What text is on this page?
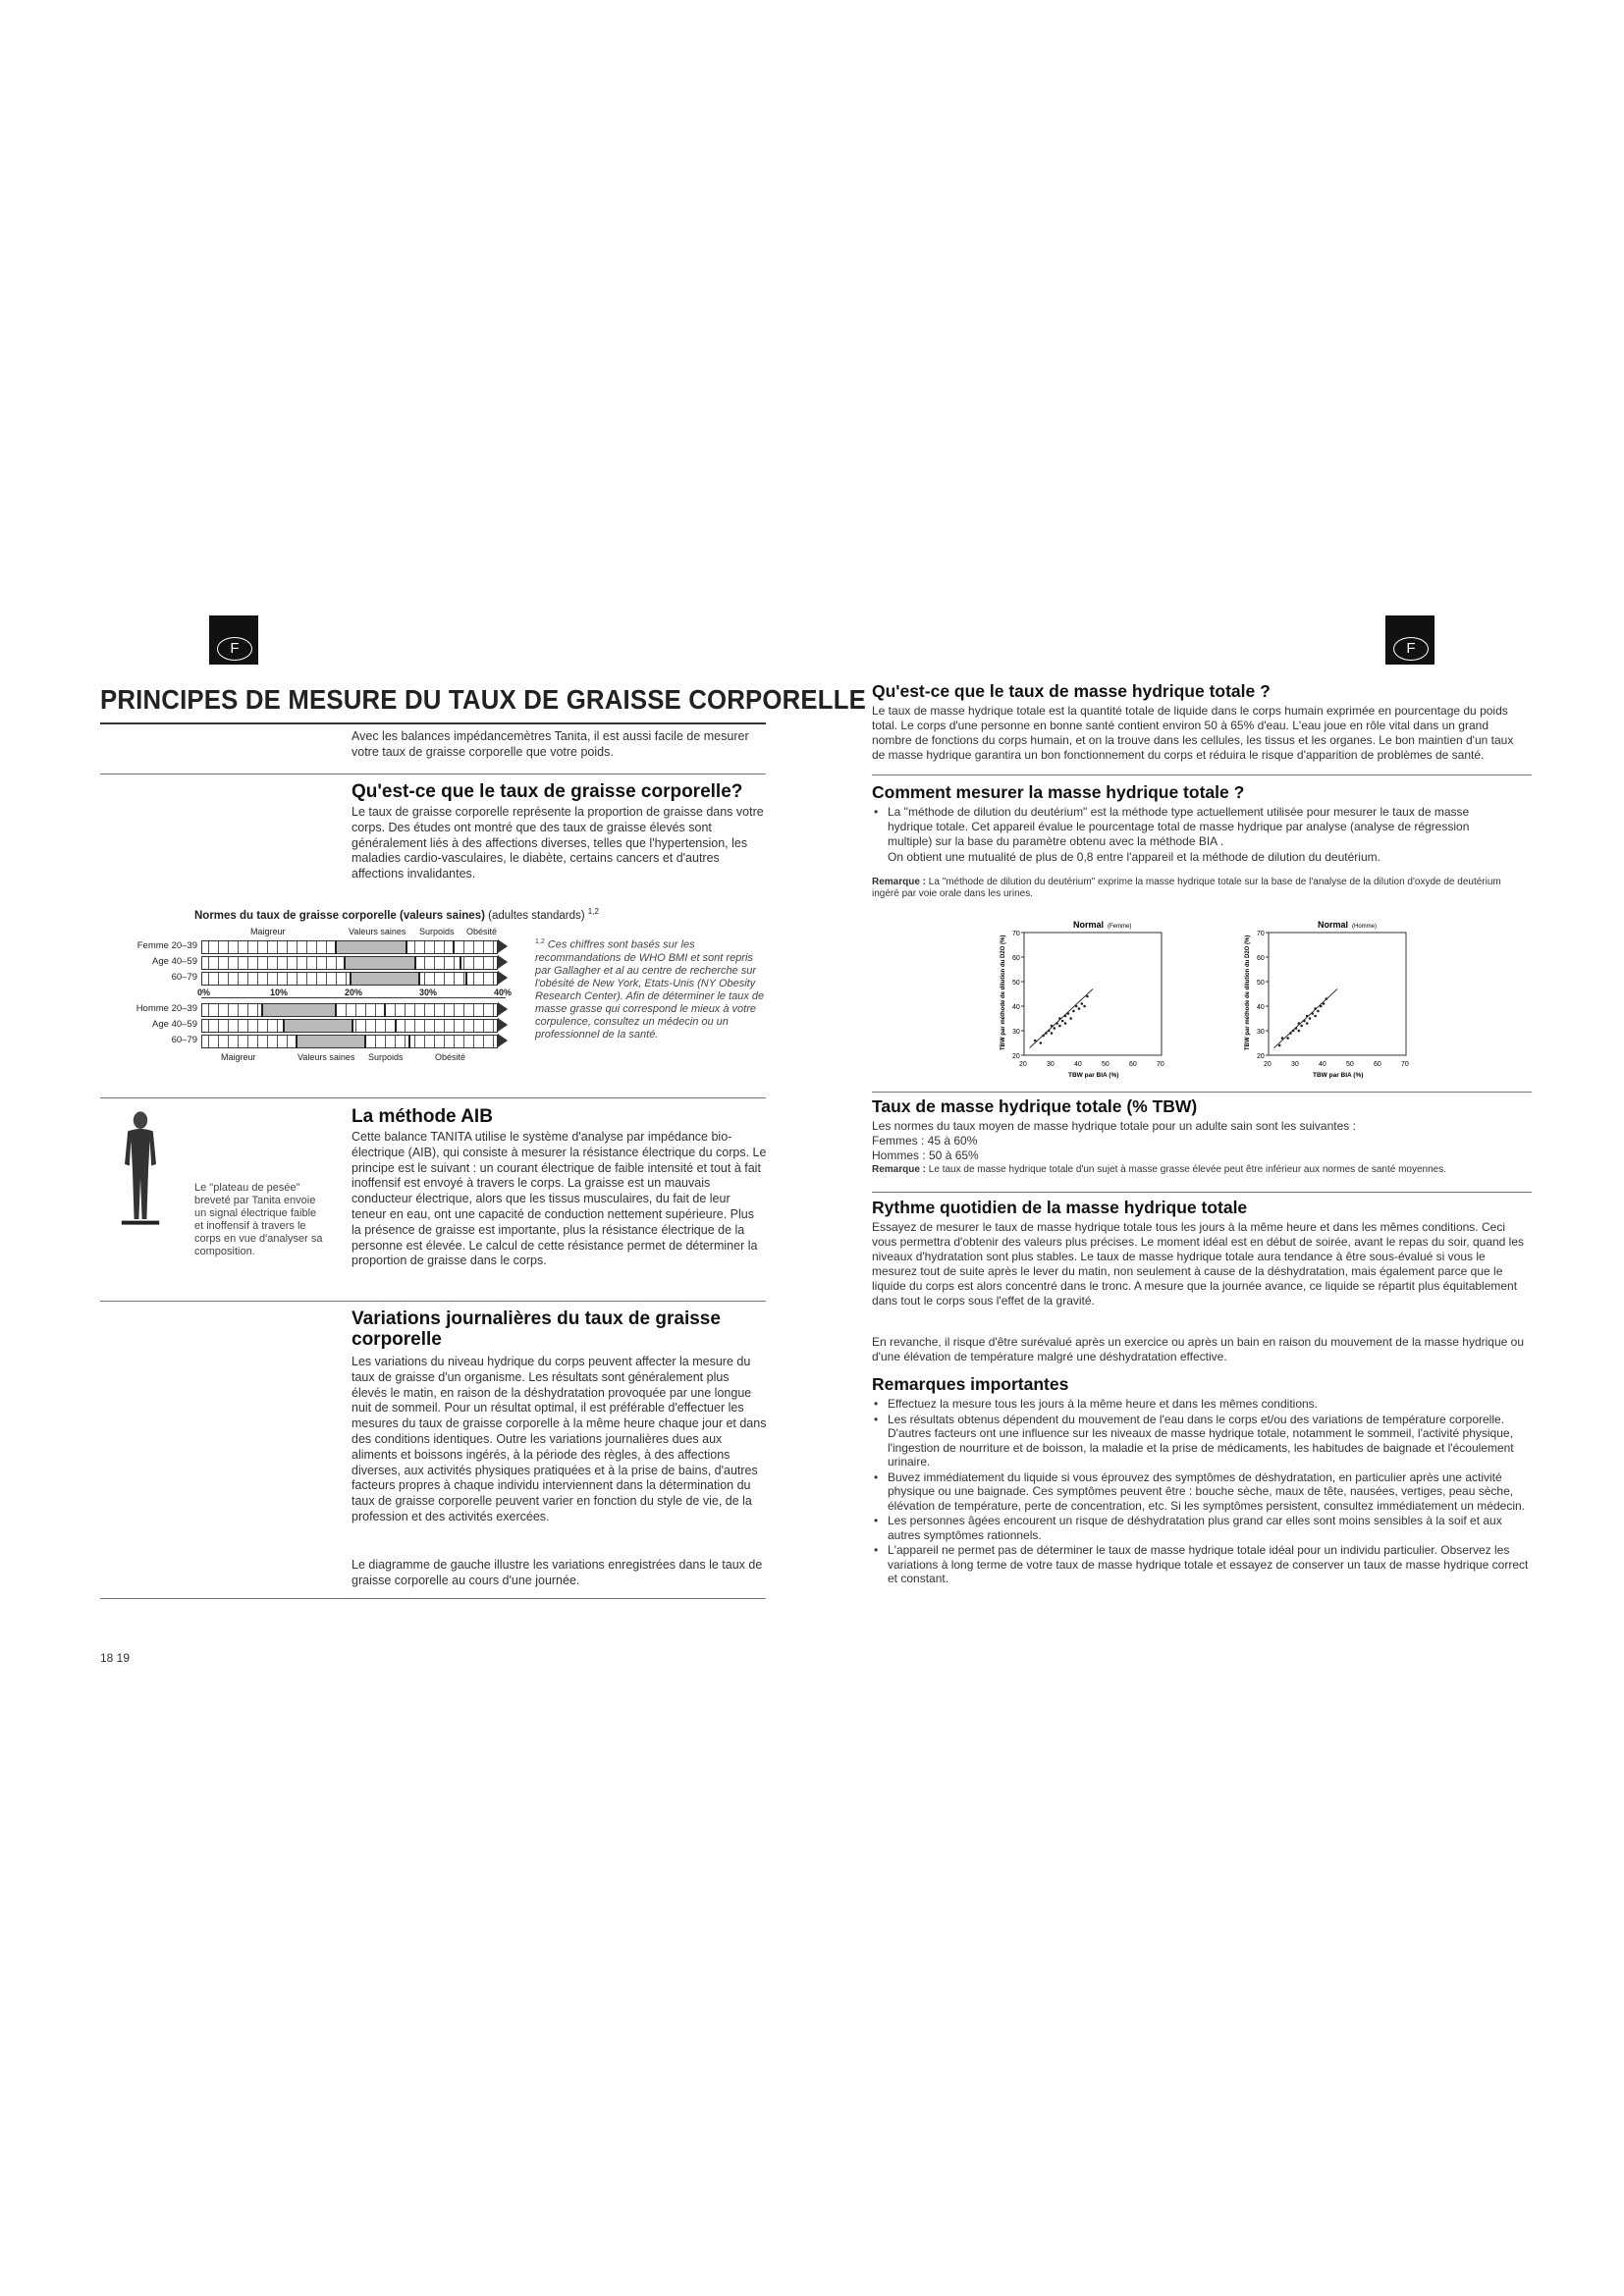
F	F
PRINCIPES DE MESURE DU TAUX DE GRAISSE CORPORELLE
Avec les balances impédancemètres Tanita, il est aussi facile de mesurer votre taux de graisse corporelle que votre poids.
Qu'est-ce que le taux de graisse corporelle?
Le taux de graisse corporelle représente la proportion de graisse dans votre corps. Des études ont montré que des taux de graisse élevés sont généralement liés à des affections diverses, telles que l'hypertension, les maladies cardio-vasculaires, le diabète, certains cancers et d'autres affections invalidantes.
Normes du taux de graisse corporelle (valeurs saines) (adultes standards) $^{1,2}$
Maigreur	Valeurs saines Surpoids Obésité
Femme 20–39
Age 40–59
60–79
0%	10%	20%	30%	40%
Homme 20–39
Age 40–59
60–79
Maigreur	Valeurs saines Surpoids	Obésité
$^{1,2}$ Ces chiffres sont basés sur les recommandations de WHO BMI et sont repris par Gallagher et al au centre de recherche sur l'obésité de New York, Etats-Unis (NY Obesity Research Center). Afin de déterminer le taux de masse grasse qui correspond le mieux à votre corpulence, consultez un médecin ou un professionnel de la santé.
Le "plateau de pesée" breveté par Tanita envoie un signal électrique faible et inoffensif à travers le corps en vue d'analyser sa composition.
La méthode AIB
Cette balance TANITA utilise le système d'analyse par impédance bio-électrique (AIB), qui consiste à mesurer la résistance électrique du corps. Le principe est le suivant : un courant électrique de faible intensité et tout à fait inoffensif est envoyé à travers le corps. La graisse est un mauvais conducteur électrique, alors que les tissus musculaires, du fait de leur teneur en eau, ont une capacité de conduction nettement supérieure. Plus la présence de graisse est importante, plus la résistance électrique de la personne est élevée. Le calcul de cette résistance permet de déterminer la proportion de graisse dans le corps.
Variations journalières du taux de graisse corporelle
Les variations du niveau hydrique du corps peuvent affecter la mesure du taux de graisse d'un organisme. Les résultats sont généralement plus élevés le matin, en raison de la déshydratation provoquée par une longue nuit de sommeil. Pour un résultat optimal, il est préférable d'effectuer les mesures du taux de graisse corporelle à la même heure chaque jour et dans des conditions identiques. Outre les variations journalières dues aux aliments et boissons ingérés, à la période des règles, à des affections diverses, aux activités physiques pratiquées et à la prise de bains, d'autres facteurs propres à chaque individu interviennent dans la détermination du taux de graisse corporelle peuvent varier en fonction du style de vie, de la profession et des activités exercées.
Le diagramme de gauche illustre les variations enregistrées dans le taux de graisse corporelle au cours d'une journée.
18 19
Qu'est-ce que le taux de masse hydrique totale ?
Le taux de masse hydrique totale est la quantité totale de liquide dans le corps humain exprimée en pourcentage du poids total. Le corps d'une personne en bonne santé contient environ 50 à 65% d'eau. L'eau joue en rôle vital dans un grand nombre de fonctions du corps humain, et on la trouve dans les cellules, les tissus et les organes. Le bon maintien d'un taux de masse hydrique garantira un bon fonctionnement du corps et réduira le risque d'apparition de problèmes de santé.
Comment mesurer la masse hydrique totale ?
• La "méthode de dilution du deutérium" est la méthode type actuellement utilisée pour mesurer le taux de masse hydrique totale. Cet appareil évalue le pourcentage total de masse hydrique par analyse (analyse de régression multiple) sur la base du paramètre obtenu avec la méthode BIA .
On obtient une mutualité de plus de 0,8 entre l'appareil et la méthode de dilution du deutérium.
Remarque : La "méthode de dilution du deutérium" exprime la masse hydrique totale sur la base de l'analyse de la dilution d'oxyde de deutérium ingéré par voie orale dans les urines.
Normal (Femme)
70
60
50
40
30
20
20	30	40	50	60	70
TBW par BIA (%)
TBW par méthode de dilution du D2O (%)
Normal (Homme)
70
60
50
40
30
20
20	30	40	50	60	70
TBW par BIA (%)
TBW par méthode de dilution du D2O (%)
Taux de masse hydrique totale (% TBW)
Les normes du taux moyen de masse hydrique totale pour un adulte sain sont les suivantes :
Femmes : 45 à 60%
Hommes : 50 à 65%
Remarque : Le taux de masse hydrique totale d'un sujet à masse grasse élevée peut être inférieur aux normes de santé moyennes.
Rythme quotidien de la masse hydrique totale
Essayez de mesurer le taux de masse hydrique totale tous les jours à la même heure et dans les mêmes conditions. Ceci vous permettra d'obtenir des valeurs plus précises. Le moment idéal est en début de soirée, avant le repas du soir, quand les niveaux d'hydratation sont plus stables. Le taux de masse hydrique totale aura tendance à être sous-évalué si vous le mesurez tout de suite après le lever du matin, non seulement à cause de la déshydratation, mais également parce que le liquide du corps est alors concentré dans le tronc. A mesure que la journée avance, ce liquide se répartit plus équitablement dans tout le corps sous l'effet de la gravité.
En revanche, il risque d'être surévalué après un exercice ou après un bain en raison du mouvement de la masse hydrique ou d'une élévation de température malgré une déshydratation effective.
Remarques importantes
• Effectuez la mesure tous les jours à la même heure et dans les mêmes conditions.
• Les résultats obtenus dépendent du mouvement de l'eau dans le corps et/ou des variations de température corporelle. D'autres facteurs ont une influence sur les niveaux de masse hydrique totale, notamment le sommeil, l'activité physique, l'ingestion de nourriture et de boisson, la maladie et la prise de médicaments, les habitudes de baignade et l'écoulement urinaire.
• Buvez immédiatement du liquide si vous éprouvez des symptômes de déshydratation, en particulier après une activité physique ou une baignade. Ces symptômes peuvent être : bouche sèche, maux de tête, nausées, vertiges, peau sèche, élévation de température, perte de concentration, etc. Si les symptômes persistent, consultez immédiatement un médecin.
• Les personnes âgées encourent un risque de déshydratation plus grand car elles sont moins sensibles à la soif et aux autres symptômes rationnels.
• L'appareil ne permet pas de déterminer le taux de masse hydrique totale idéal pour un individu particulier. Observez les variations à long terme de votre taux de masse hydrique totale et essayez de conserver un taux de masse hydrique correct et constant.
